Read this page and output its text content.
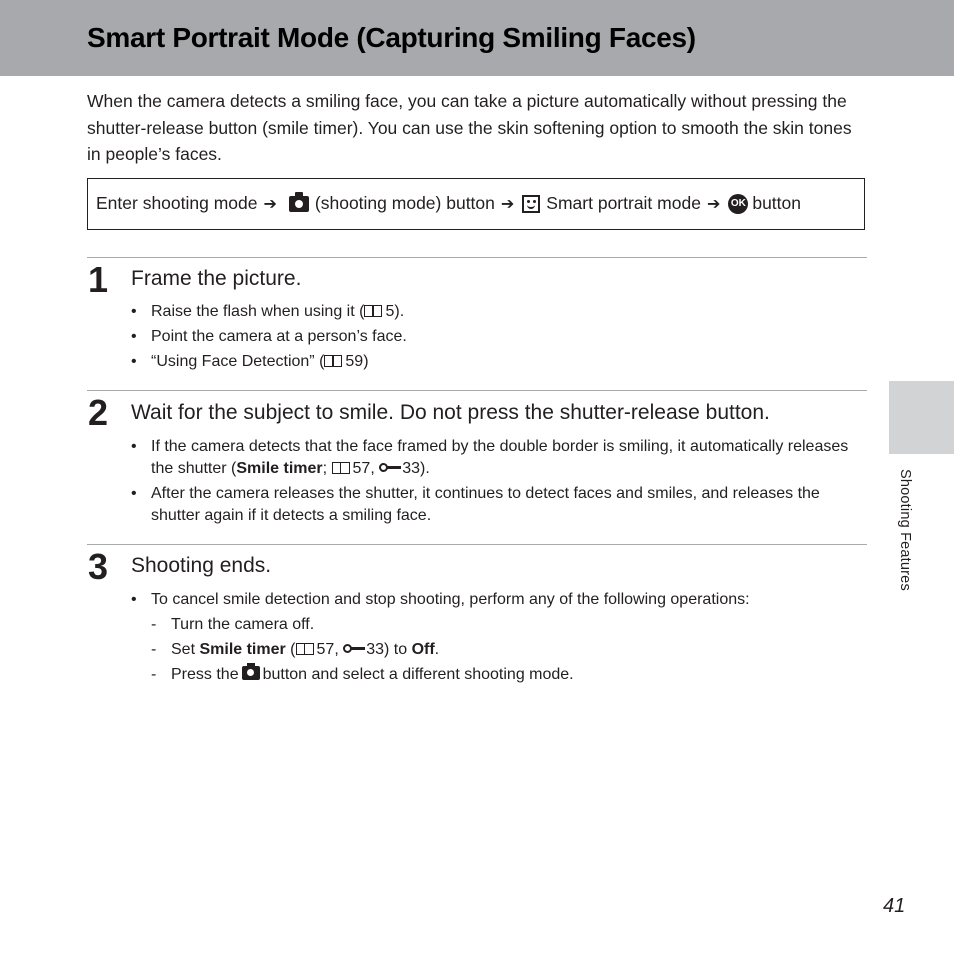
Smart Portrait Mode (Capturing Smiling Faces)

When the camera detects a smiling face, you can take a picture automatically without pressing the shutter-release button (smile timer). You can use the skin softening option to smooth the skin tones in people’s faces.

Enter shooting mode ➔ (shooting mode) button ➔ Smart portrait mode ➔ OK button
1 Frame the picture.
• Raise the flash when using it ( 5).
• Point the camera at a person’s face.
• “Using Face Detection” ( 59)
2 Wait for the subject to smile. Do not press the shutter-release button.
• If the camera detects that the face framed by the double border is smiling, it automatically releases the shutter (Smile timer; 57, 33).
• After the camera releases the shutter, it continues to detect faces and smiles, and releases the shutter again if it detects a smiling face.
3 Shooting ends.
• To cancel smile detection and stop shooting, perform any of the following operations:
- Turn the camera off.
- Set Smile timer ( 57, 33) to Off.
- Press the button and select a different shooting mode.
Shooting Features
41
